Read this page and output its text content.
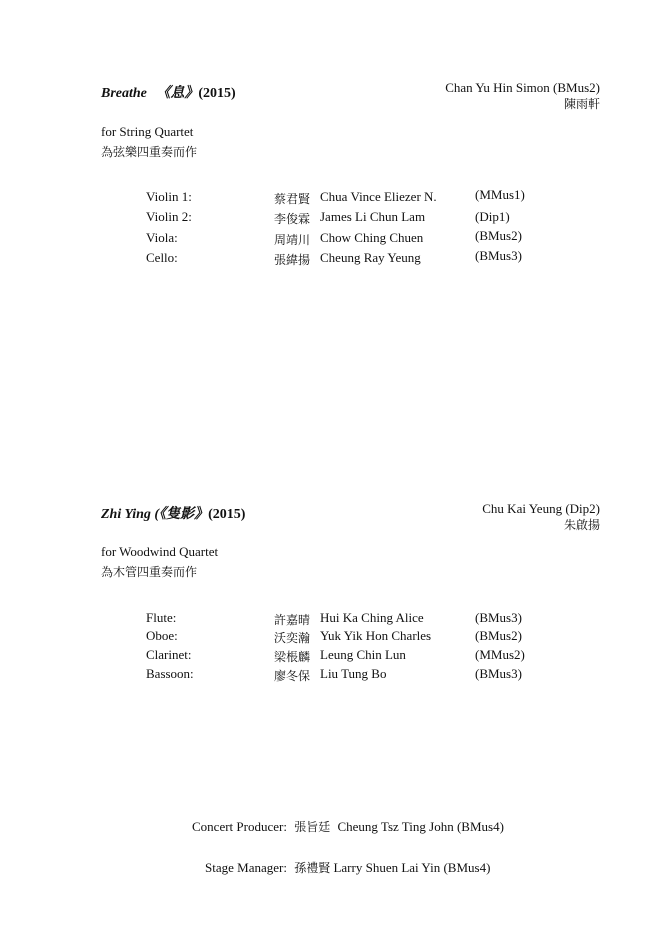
Breathe 《息》(2015)	Chan Yu Hin Simon (BMus2)
陳雨軒
for String Quartet
為弦樂四重奏而作
Violin 1:	蔡君賢 Chua Vince Eliezer N.	(MMus1)
Violin 2:	李俊霖 James Li Chun Lam	(Dip1)
Viola:	周靖川 Chow Ching Chuen	(BMus2)
Cello:	張緯揚 Cheung Ray Yeung	(BMus3)
Zhi Ying (《隻影》(2015)	Chu Kai Yeung (Dip2)
朱啟揚
for Woodwind Quartet
為木管四重奏而作
Flute:	許嘉晴 Hui Ka Ching Alice	(BMus3)
Oboe:	沃奕瀚 Yuk Yik Hon Charles	(BMus2)
Clarinet:	梁棖麟 Leung Chin Lun	(MMus2)
Bassoon:	廖冬保 Liu Tung Bo	(BMus3)
Concert Producer: 張旨廷 Cheung Tsz Ting John (BMus4)
Stage Manager: 孫禮賢 Larry Shuen Lai Yin (BMus4)
